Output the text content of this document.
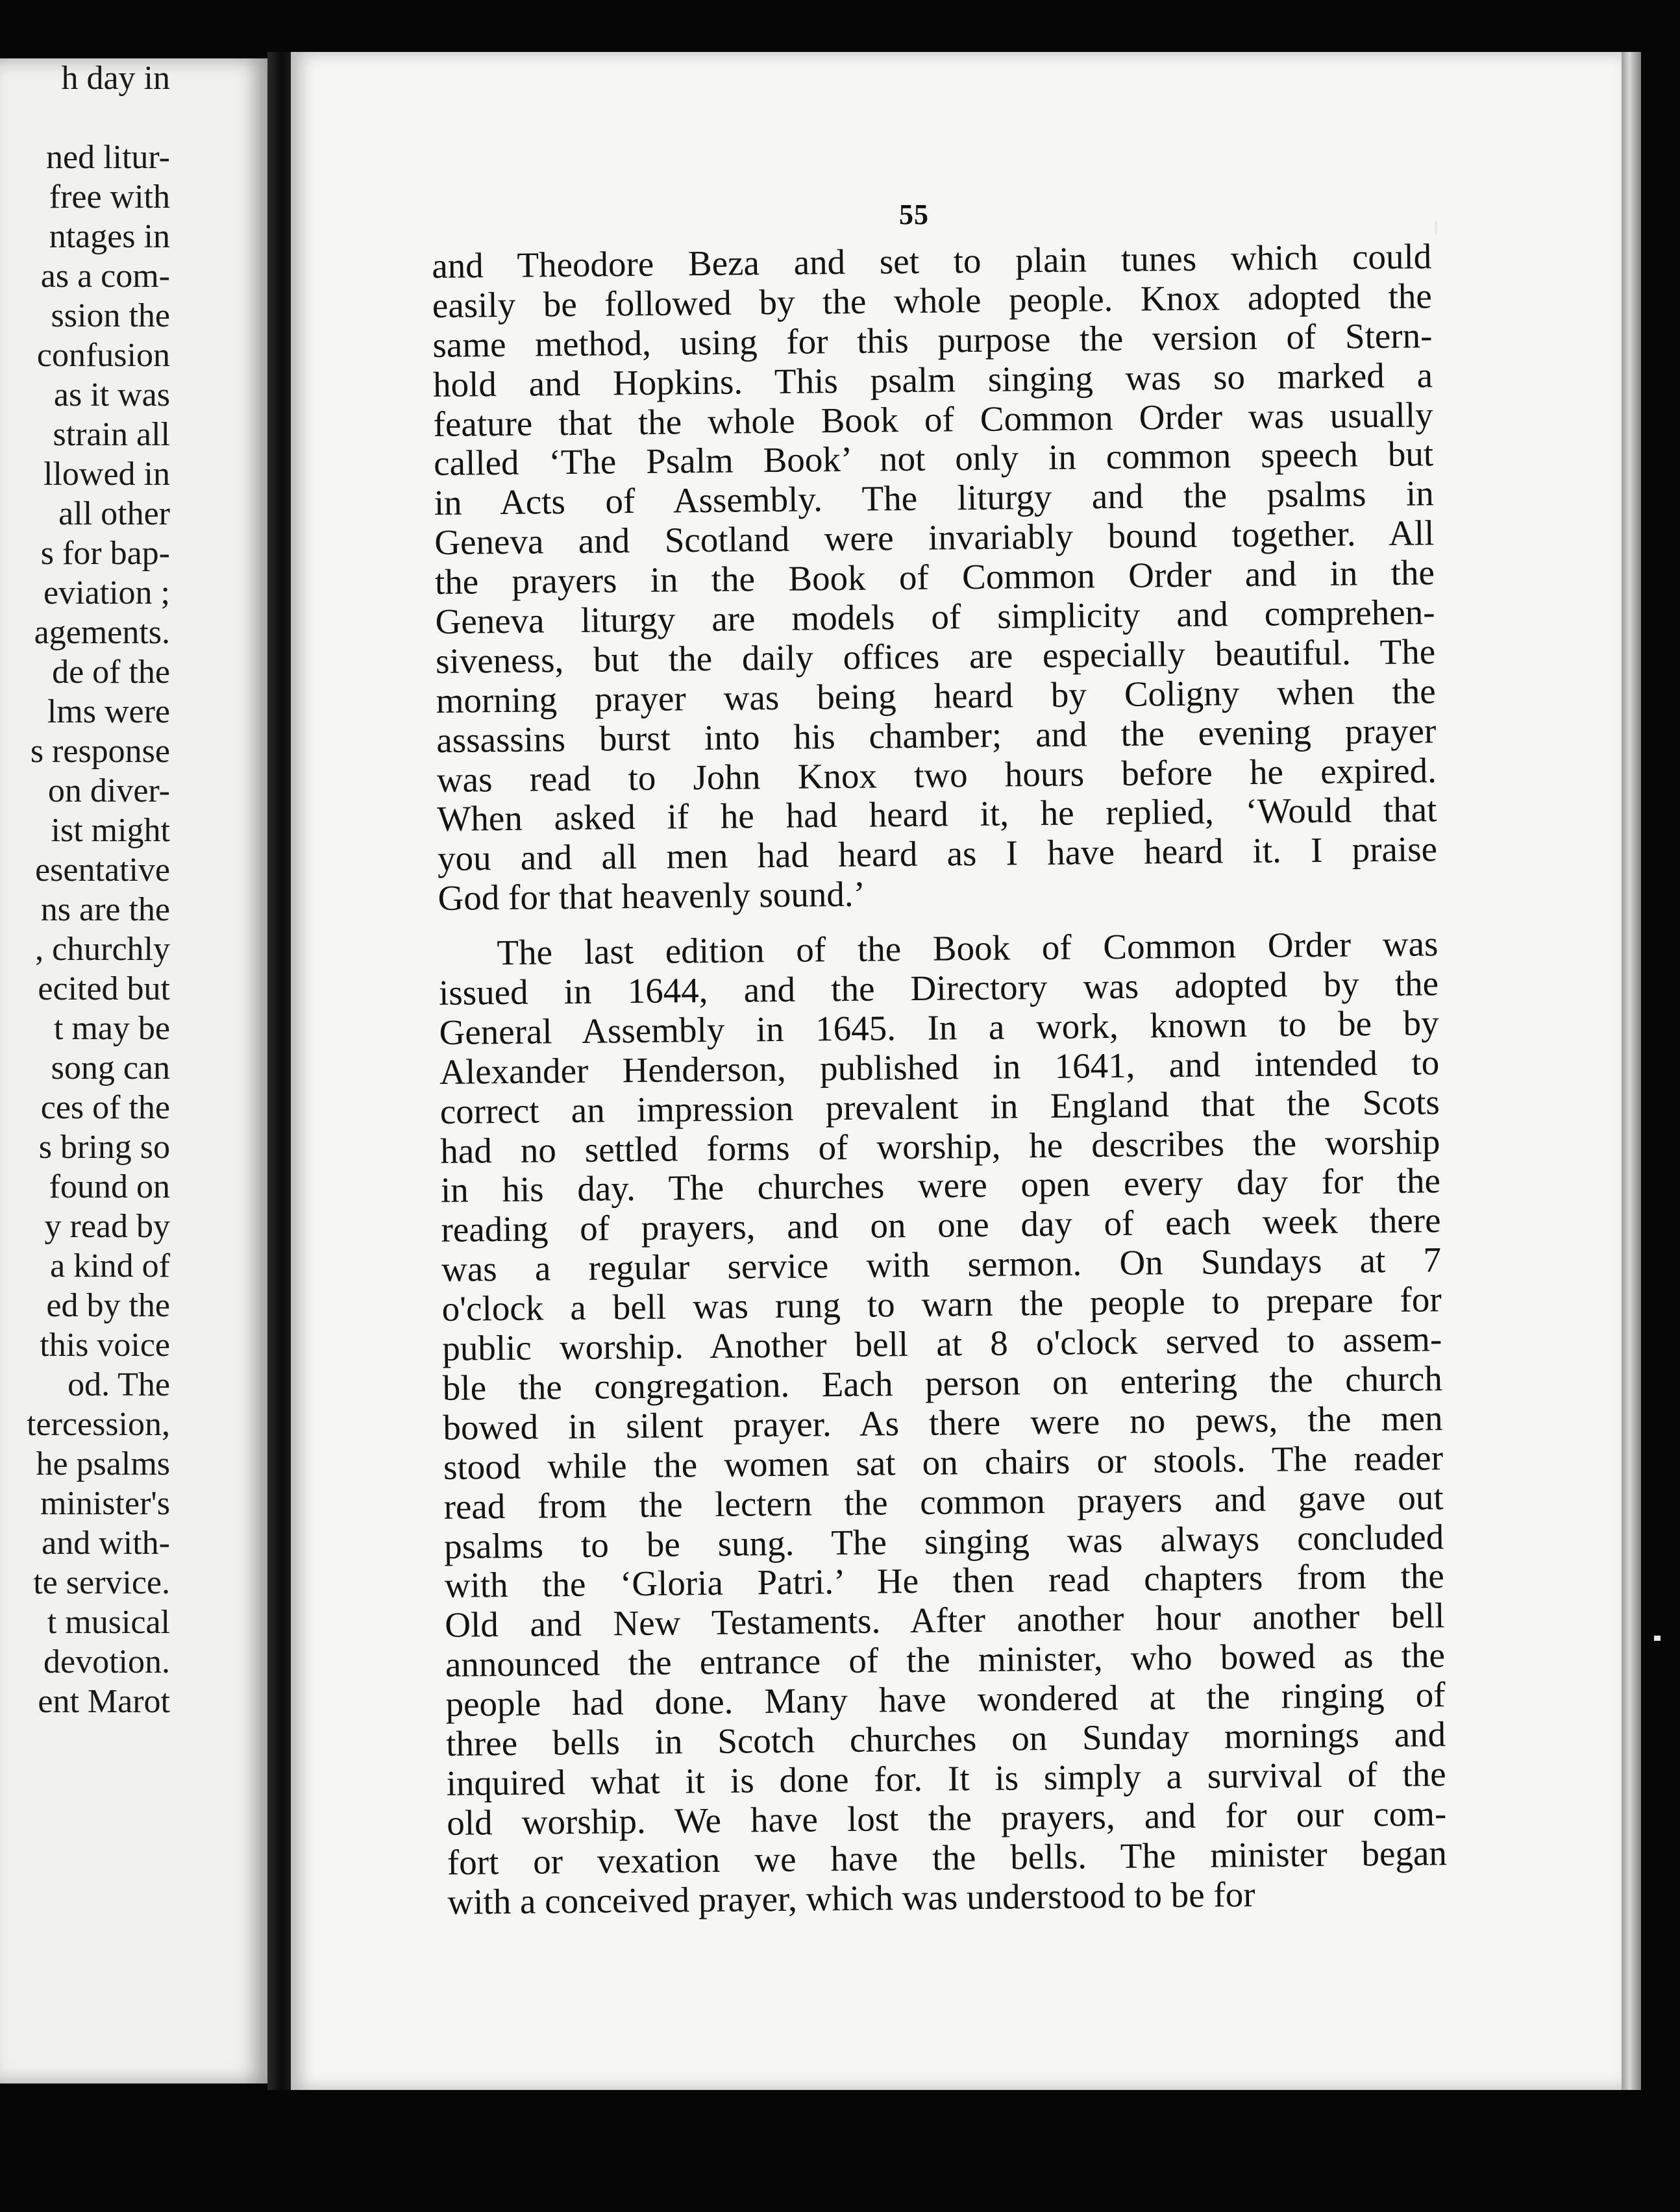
h day in
ned litur-
free with
ntages in
as a com-
ssion the
confusion
as it was
strain all
llowed in
all other
s for bap-
eviation ;
agements.
de of the
lms were
s response
on diver-
ist might
esentative
ns are the
, churchly
ecited but
t may be
song can
ces of the
s bring so
found on
y read by
a kind of
ed by the
this voice
od. The
tercession,
he psalms
minister's
and with-
te service.
t musical
devotion.
ent Marot
55
and Theodore Beza and set to plain tunes which could
easily be followed by the whole people. Knox adopted the
same method, using for this purpose the version of Stern-
hold and Hopkins. This psalm singing was so marked a
feature that the whole Book of Common Order was usually
called ‘The Psalm Book’ not only in common speech but
in Acts of Assembly. The liturgy and the psalms in
Geneva and Scotland were invariably bound together. All
the prayers in the Book of Common Order and in the
Geneva liturgy are models of simplicity and comprehen-
siveness, but the daily offices are especially beautiful. The
morning prayer was being heard by Coligny when the
assassins burst into his chamber; and the evening prayer
was read to John Knox two hours before he expired.
When asked if he had heard it, he replied, ‘Would that
you and all men had heard as I have heard it. I praise
God for that heavenly sound.’
The last edition of the Book of Common Order was
issued in 1644, and the Directory was adopted by the
General Assembly in 1645. In a work, known to be by
Alexander Henderson, published in 1641, and intended to
correct an impression prevalent in England that the Scots
had no settled forms of worship, he describes the worship
in his day. The churches were open every day for the
reading of prayers, and on one day of each week there
was a regular service with sermon. On Sundays at 7
o'clock a bell was rung to warn the people to prepare for
public worship. Another bell at 8 o'clock served to assem-
ble the congregation. Each person on entering the church
bowed in silent prayer. As there were no pews, the men
stood while the women sat on chairs or stools. The reader
read from the lectern the common prayers and gave out
psalms to be sung. The singing was always concluded
with the ‘Gloria Patri.’ He then read chapters from the
Old and New Testaments. After another hour another bell
announced the entrance of the minister, who bowed as the
people had done. Many have wondered at the ringing of
three bells in Scotch churches on Sunday mornings and
inquired what it is done for. It is simply a survival of the
old worship. We have lost the prayers, and for our com-
fort or vexation we have the bells. The minister began
with a conceived prayer, which was understood to be for
